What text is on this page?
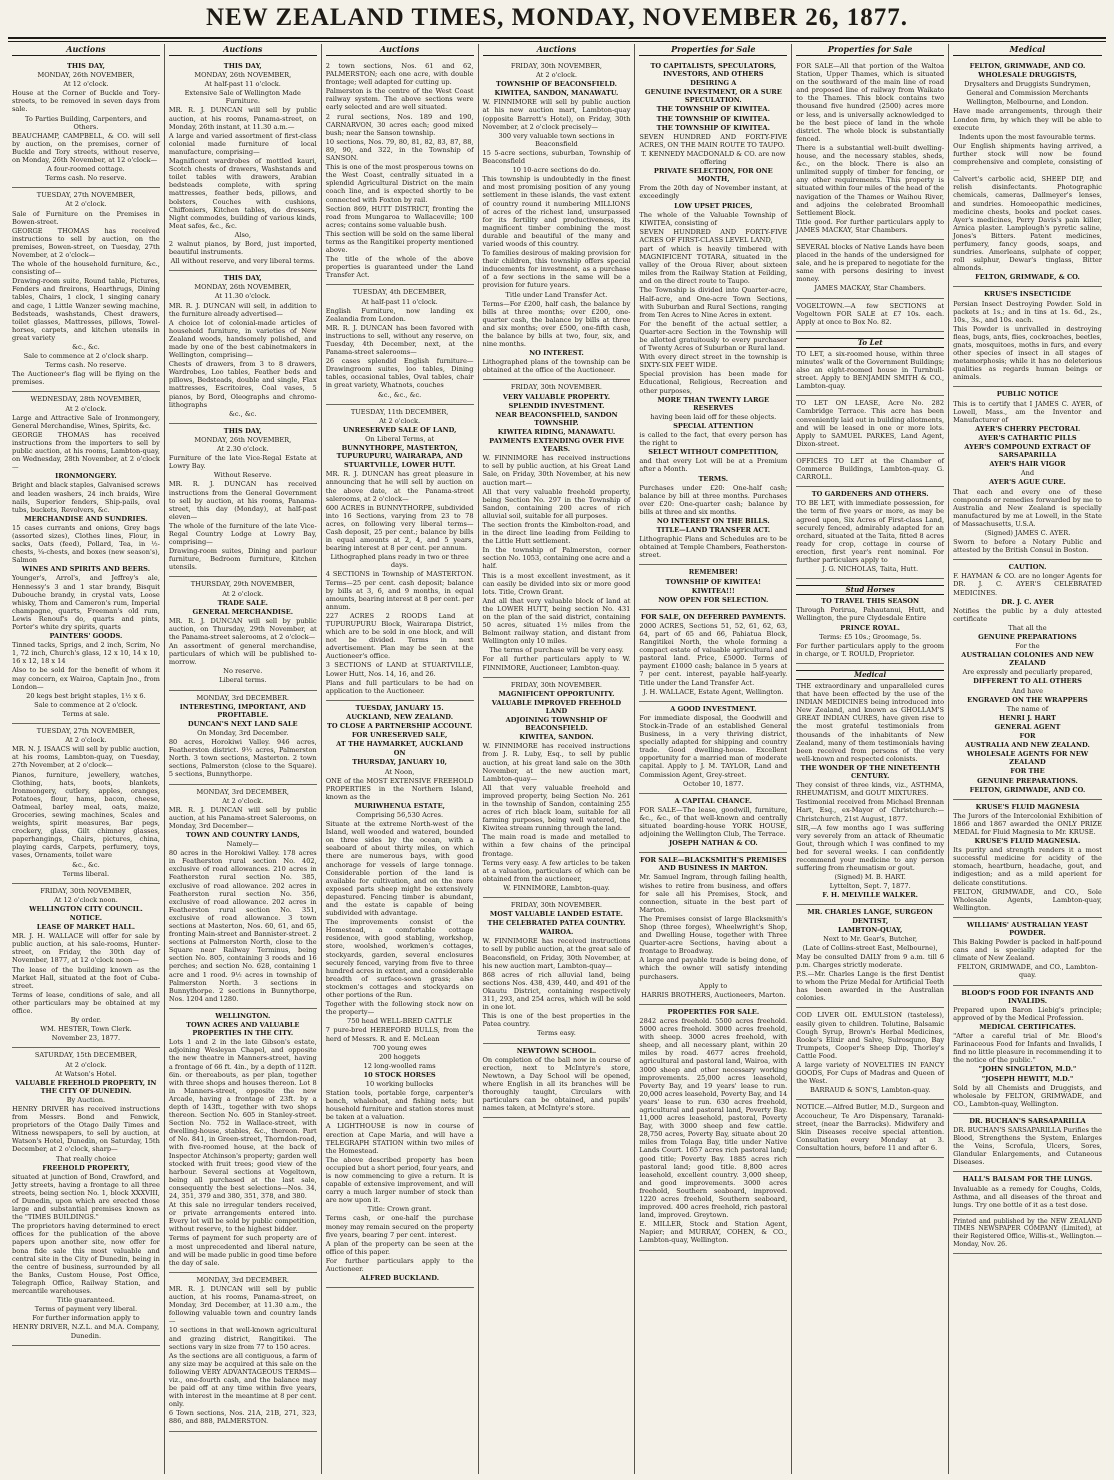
NEW ZEALAND TIMES, MONDAY, NOVEMBER 26, 1877.
Auctions

THIS DAY,

MONDAY, 26th NOVEMBER,

At 12 o'clock.

House at the Corner of Buckle and Tory-streets, to be removed in seven days from sale.

To Parties Building, Carpenters, and Others.

BEAUCHAMP, CAMPBELL, & CO. will sell by auction, on the premises, corner of Buckle and Tory streets, without reserve, on Monday, 26th November, at 12 o'clock—

A four-roomed cottage.

Terms cash. No reserve.

TUESDAY, 27th NOVEMBER,

At 2 o'clock.

Sale of Furniture on the Premises in Bowen-street.

GEORGE THOMAS has received instructions to sell by auction, on the premises, Bowen-street, on Tuesday, 27th November, at 2 o'clock—

The whole of the household furniture, &c., consisting of—

Drawing-room suite, Round table, Pictures, Fenders and fireirons, Hearthrugs, Dining tables, Chairs, 1 clock, 1 singing canary and cage, 1 Little Wanzer sewing machine, Bedsteads, washstands, Chest drawers, toilet glasses, Mattresses, pillows, Towel-horses, carpets, and kitchen utensils in great variety

&c., &c.

Sale to commence at 2 o'clock sharp.

Terms cash. No reserve.

The Auctioneer's flag will be flying on the premises.

WEDNESDAY, 28th NOVEMBER,

At 2 o'clock.

Large and Attractive Sale of Ironmongery, General Merchandise, Wines, Spirits, &c.

GEORGE THOMAS has received instructions from the importers to sell by public auction, at his rooms, Lambton-quay, on Wednesday, 28th November, at 2 o'clock—

IRONMONGERY.

Bright and black staples, Galvanised screws and leaden washers, 24 inch braids, Wire nails, Superior fenders, Ship-pails, oval tubs, buckets, Revolvers, &c.

MERCHANDISE AND SUNDRIES.

15 cases currants and onions, Grey bags (assorted sizes), Clothes lines, Flour, in sacks, Oats (feed), Pollard, Tea, in ½-chests, ¼-chests, and boxes (new season's), Salmon

WINES AND SPIRITS AND BEERS.

Younger's, Arrol's, and Jeffrey's ale, Hennessy's 3 and 1 star brandy, Bisquit Dubouche brandy, in crystal vats, Loose whisky, Thom and Cameron's rum, Imperial champagne, quarts, Freeman's old rum, Lewis Renouf's do, quarts and pints, Porter's white dry spirits, quarts

PAINTERS' GOODS.

Tinned tacks, Sprigs, and 2 inch, Scrim, No 1, 72 inch, Church's glass, 12 x 10, 14 x 10, 16 x 12, 18 x 14

Also to be sold for the benefit of whom it may concern, ex Wairoa, Captain Jno., from London—

20 kegs best bright staples, 1½ x 6.

Sale to commence at 2 o'clock.

Terms at sale.

TUESDAY, 27th NOVEMBER,

At 2 o'clock.

MR. N. J. ISAACS will sell by public auction, at his rooms, Lambton-quay, on Tuesday, 27th November, at 2 o'clock—

Pianos, furniture, jewellery, watches, Clothing, hats, boots, blankets, Ironmongery, cutlery, apples, oranges, Potatoes, flour, hams, bacon, cheese, Oatmeal, barley meal, oats, maize, Groceries, sewing machines, Scales and weights, spirit measures, Bar pegs, crockery, glass, Gilt chimney glasses, paperhangings, Chairs, pictures, china, playing cards, Carpets, perfumery, toys, vases, Ornaments, toilet ware

&c., &c.

Terms liberal.

FRIDAY, 30th NOVEMBER,

At 12 o'clock noon.

WELLINGTON CITY COUNCIL.

NOTICE.

LEASE OF MARKET HALL.

MR. J. H. WALLACE will offer for sale by public auction, at his sale-rooms, Hunter-street, on Friday, the 30th day of November, 1877, at 12 o'clock noon—

The lease of the building known as the Market Hall, situated at the foot of Cuba-street.

Terms of lease, conditions of sale, and all other particulars may be obtained at my office.

By order.

WM. HESTER, Town Clerk.

November 23, 1877.

SATURDAY, 15th DECEMBER,

At 2 o'clock.

At Watson's Hotel.

VALUABLE FREEHOLD PROPERTY, IN THE CITY OF DUNEDIN.

By Auction.

HENRY DRIVER has received instructions from Messrs. Bond and Fenwick, proprietors of the Otago Daily Times and Witness newspapers, to sell by auction, at Watson's Hotel, Dunedin, on Saturday, 15th December, at 2 o'clock, sharp—

That really choice

FREEHOLD PROPERTY,

situated at junction of Bond, Crawford, and Jetty streets, having a frontage to all three streets, being section No. 1, block XXXVIII, of Dunedin, upon which are erected those large and substantial premises known as the "TIMES BUILDINGS."

The proprietors having determined to erect offices for the publication of the above papers upon another site, now offer for bona fide sale this most valuable and central site in the City of Dunedin, being in the centre of business, surrounded by all the Banks, Custom House, Post Office, Telegraph Office, Railway Station, and mercantile warehouses.

Title guaranteed.

Terms of payment very liberal.

For further information apply to

HENRY DRIVER, N.Z.L. and M.A. Company, Dunedin.

Auctions

THIS DAY,

MONDAY, 26th NOVEMBER,

At half-past 11 o'clock.

Extensive Sale of Wellington Made Furniture.

MR. R. J. DUNCAN will sell by public auction, at his rooms, Panama-street, on Monday, 26th instant, at 11.30 a.m.—

A large and varied assortment of first-class colonial made furniture of local manufacture, comprising—

Magnificent wardrobes of mottled kauri, Scotch chests of drawers, Washstands and toilet tables with drawers, Arabian bedsteads complete, with spring mattresses, feather beds, pillows, and bolsters, Couches with cushions, Chiffoniers, Kitchen tables, do dressers, Night commodes, building of various kinds, Meat safes, &c., &c.

Also,

2 walnut pianos, by Bord, just imported, beautiful instruments.

All without reserve, and very liberal terms.

THIS DAY,

MONDAY, 26th NOVEMBER,

At 11.30 o'clock.

MR. R. J. DUNCAN will sell, in addition to the furniture already advertised—

A choice lot of colonial-made articles of household furniture, in varieties of New Zealand woods, handsomely polished, and made by one of the best cabinetmakers in Wellington, comprising—

Chests of drawers, from 3 to 8 drawers, Wardrobes, Loo tables, Feather beds and pillows, Bedsteads, double and single, Flax mattresses, Escritoires, Coal vases, 5 pianos, by Bord, Oleographs and chromo-lithographs

&c., &c.

THIS DAY,

MONDAY, 26th NOVEMBER,

At 2.30 o'clock.

Furniture of the late Vice-Regal Estate at Lowry Bay.

Without Reserve.

MR. R. J. DUNCAN has received instructions from the General Government to sell by auction, at his rooms, Panama-street, this day (Monday), at half-past eleven—

The whole of the furniture of the late Vice-Regal Country Lodge at Lowry Bay, comprising—

Drawing-room suites, Dining and parlour furniture, Bedroom furniture, Kitchen utensils.

THURSDAY, 29th NOVEMBER,

At 2 o'clock.

TRADE SALE.

GENERAL MERCHANDISE.

MR. R. J. DUNCAN will sell by public auction, on Thursday, 29th November, at the Panama-street salerooms, at 2 o'clock—

An assortment of general merchandise, particulars of which will be published to-morrow.

No reserve.

Liberal terms.

MONDAY, 3rd DECEMBER.

INTERESTING, IMPORTANT, AND PROFITABLE.

DUNCAN'S NEXT LAND SALE

On Monday, 3rd December.

80 acres, Horokiwi Valley. 946 acres, Featherston district. 9½ acres, Palmerston North. 3 town sections, Masterton. 2 town sections, Palmerston (close to the Square). 5 sections, Bunnythorpe.

MONDAY, 3rd DECEMBER,

At 2 o'clock.

MR. R. J. DUNCAN will sell by public auction, at his Panama-street Salerooms, on Monday, 3rd December—

TOWN AND COUNTRY LANDS,

Namely—

80 acres in the Horokiwi Valley. 178 acres in Featherston rural section No. 402, exclusive of road allowances. 210 acres in Featherston rural section No. 385, exclusive of road allowance. 202 acres in Featherston rural section No. 356, exclusive of road allowance. 202 acres in Featherston rural section No. 351, exclusive of road allowance. 3 town sections at Masterton, Nos. 60, 61, and 65, fronting Main-street and Bannister-street. 2 sections at Palmerston North, close to the Square near Railway Terminus, being section No. 805, containing 3 roods and 16 perches; and section No. 628, containing 1 acre and 1 rood. 9½ acres in township of Palmerston North. 3 sections in Bunnythorpe. 2 sections in Bunnythorpe, Nos. 1204 and 1280.

WELLINGTON.

TOWN ACRES AND VALUABLE PROPERTIES IN THE CITY.

Lots 1 and 2 in the late Gibson's estate, adjoining Wesleyan Chapel, and opposite the new theatre in Manners-street, having a frontage of 66 ft. 4in., by a depth of 112ft. 6in. or thereabouts, as per plan, together with three shops and houses thereon. Lot 8 in Manners-street, opposite the new Arcade, having a frontage of 23ft. by a depth of 143ft., together with two shops thereon. Section No. 605 in Stanley-street. Section No. 752 in Wallace-street, with dwelling-house, stables, &c., thereon. Part of No. 841, in Green-street, Thorndon-road, with five-roomed house, at the back of Inspector Atchinson's property; garden well stocked with fruit trees; good view of the harbour. Several sections at Vogeltown, being all purchased at the last sale, consequently the best selections—Nos. 34, 24, 351, 379 and 380, 351, 378, and 380.

At this sale no irregular tenders received, or private arrangements entered into. Every lot will be sold by public competition, without reserve, to the highest bidder.

Terms of payment for such property are of a most unprecedented and liberal nature, and will be made public in good time before the day of sale.

MONDAY, 3rd DECEMBER.

MR. R. J. DUNCAN will sell by public auction, at his rooms, Panama-street, on Monday, 3rd December, at 11.30 a.m., the following valuable town and country lands—

10 sections in that well-known agricultural and grazing district, Rangitikei. The sections vary in size from 77 to 150 acres.

As the sections are all contiguous, a farm of any size may be acquired at this sale on the following VERY ADVANTAGEOUS TERMS—viz., one-fourth cash, and the balance may be paid off at any time within five years, with interest in the meantime at 8 per cent. only.

6 Town sections, Nos. 21A, 21B, 271, 323, 886, and 888, PALMERSTON.

Auctions

2 town sections, Nos. 61 and 62, PALMERSTON; each one acre, with double frontage; well adapted for cutting up.

Palmerston is the centre of the West Coast railway system. The above sections were early selected and are well situated.

2 rural sections, Nos. 189 and 190, CARNARVON, 30 acres each; good mixed bush; near the Sanson township.

10 sections, Nos. 79, 80, 81, 82, 83, 87, 88, 89, 90, and 322, in the Township of SANSON.

This is one of the most prosperous towns on the West Coast, centrally situated in a splendid Agricultural District on the main coach line, and is expected shortly to be connected with Foxton by rail.

Section 869, HUTT DISTRICT, fronting the road from Mungaroa to Wallaceville; 100 acres; contains some valuable bush.

This section will be sold on the same liberal terms as the Rangitikei property mentioned above.

The title of the whole of the above properties is guaranteed under the Land Transfer Act.

TUESDAY, 4th DECEMBER,

At half-past 11 o'clock.

English Furniture, now landing ex Zealandia from London.

MR. R. J. DUNCAN has been favored with instructions to sell, without any reserve, on Tuesday, 4th December, next, at the Panama-street salerooms—

26 cases splendid English furniture— Drawingroom suites, loo tables, Dining tables, occasional tables, Oval tables, chair in great variety, Whatnots, couches

&c., &c., &c.

TUESDAY, 11th DECEMBER,

At 2 o'clock.

UNRESERVED SALE OF LAND,

On Liberal Terms, at

BUNNYTHORPE, MASTERTON, TUPURUPURU, WAIRARAPA, AND

STUARTVILLE, LOWER HUTT.

MR. R. J. DUNCAN has great pleasure in announcing that he will sell by auction on the above date, at the Panama-street salerooms, at 2 o'clock—

600 ACRES in BUNNYTHORPE, subdivided into 16 Sections, varying from 23 to 78 acres, on following very liberal terms—Cash deposit, 25 per cent.; balance by bills in equal amounts at 2, 4, and 5 years, bearing interest at 8 per cent. per annum.

Lithographed plans ready in two or three days.

4 SECTIONS in Township of MASTERTON. Terms—25 per cent. cash deposit; balance by bills at 3, 6, and 9 months, in equal amounts, bearing interest at 8 per cent. per annum.

227 ACRES 2 ROODS Land at TUPURUPURU Block, Wairarapa District, which are to be sold in one block, and will not be divided. Terms in next advertisement. Plan may be seen at the Auctioneer's office.

3 SECTIONS of LAND at STUARTVILLE, Lower Hutt, Nos. 14, 16, and 26.

Plans and full particulars to be had on application to the Auctioneer.

TUESDAY, JANUARY 15.

AUCKLAND, NEW ZEALAND.

TO CLOSE A PARTNERSHIP ACCOUNT.

FOR UNRESERVED SALE,

AT THE HAYMARKET, AUCKLAND

ON

THURSDAY, JANUARY 10,

At Noon,

ONE of the MOST EXTENSIVE FREEHOLD PROPERTIES in the Northern Island, known as the

MURIWHENUA ESTATE,

Comprising 56,530 Acres.

Situate at the extreme North-west of the Island, well wooded and watered, bounded on three sides by the ocean, with a seaboard of about thirty miles, on which there are numerous bays, with good anchorage for vessels of large tonnage. Considerable portion of the land is available for cultivation, and on the more exposed parts sheep might be extensively depastured. Fencing timber is abundant, and the estate is capable of being subdivided with advantage.

The improvements consist of the Homestead, a comfortable cottage residence, with good stabling, workshop, store, woolshed, workmen's cottages, stockyards, garden, several enclosures securely fenced, varying from five to three hundred acres in extent, and a considerable breadth of surface-sown grass; also stockmen's cottages and stockyards on other portions of the Run.

Together with the following stock now on the property—

750 head WELL-BRED CATTLE

7 pure-bred HEREFORD BULLS, from the herd of Messrs. R. and E. McLean

700 young ewes

200 hoggets

12 long-woolled rams

10 STOCK HORSES

10 working bullocks

Station tools, portable forge, carpenter's bench, whaleboat, and fishing nets; but household furniture and station stores must be taken at a valuation.

A LIGHTHOUSE is now in course of erection at Cape Maria, and will have a TELEGRAPH STATION within two miles of the Homestead.

The above described property has been occupied but a short period, four years, and is now commencing to give a return. It is capable of extensive improvement, and will carry a much larger number of stock than are now upon it.

Title: Crown grant.

Terms cash, or one-half the purchase money may remain secured on the property five years, bearing 7 per cent. interest.

A plan of the property can be seen at the office of this paper.

For further particulars apply to the Auctioneer.

ALFRED BUCKLAND.

Auctions

FRIDAY, 30th NOVEMBER,

At 2 o'clock.

TOWNSHIP OF BEACONSFIELD.

KIWITEA, SANDON, MANAWATU.

W. FINNIMORE will sell by public auction at his new auction mart, Lambton-quay (opposite Barrett's Hotel), on Friday, 30th November, at 2 o'clock precisely—

300 very valuable town sections in Beaconsfield

15 5-acre sections, suburban, Township of Beaconsfield

10 10-acre sections do do.

This township is undoubtedly in the finest and most promising position of any young settlement in these islands, the vast extent of country round it numbering MILLIONS of acres of the richest land, unsurpassed for its fertility and productiveness, its magnificent timber combining the most durable and beautiful of the many and varied woods of this country.

To families desirous of making provision for their children, this township offers special inducements for investment, as a purchase of a few sections in the same will be a provision for future years.

Title under Land Transfer Act.

Terms—For £200, half cash, the balance by bills at three months; over £200, one-quarter cash, the balance by bills at three and six months; over £500, one-fifth cash, the balance by bills at two, four, six, and nine months.

NO INTEREST.

Lithographed plans of the township can be obtained at the office of the Auctioneer.

FRIDAY, 30th NOVEMBER.

VERY VALUABLE PROPERTY.

SPLENDID INVESTMENT.

NEAR BEACONSFIELD, SANDON TOWNSHIP.

KIWITEA RIDING, MANAWATU.

PAYMENTS EXTENDING OVER FIVE YEARS.

W. FINNIMORE has received instructions to sell by public auction, at his Great Land Sale, on Friday, 30th November, at his new auction mart—

All that very valuable freehold property, being Section No. 297 in the Township of Sandon, containing 200 acres of rich alluvial soil, suitable for all purposes.

The section fronts the Kimbolton-road, and in the direct line leading from Feilding to the Little Hutt settlement.

In the township of Palmerston, corner section No. 1053, containing one acre and a half.

This is a most excellent investment, as it can easily be divided into six or more good lots. Title, Crown Grant.

And all that very valuable block of land at the LOWER HUTT, being section No. 431 on the plan of the said district, containing 50 acres, situated 1½ miles from the Belmont railway station, and distant from Wellington only 10 miles.

The terms of purchase will be very easy.

For all further particulars apply to W. FINNIMORE, Auctioneer, Lambton-quay.

FRIDAY, 30th NOVEMBER.

MAGNIFICENT OPPORTUNITY.

VALUABLE IMPROVED FREEHOLD LAND

ADJOINING TOWNSHIP OF BEACONSFIELD.

KIWITEA, SANDON.

W. FINNIMORE has received instructions from J. R. Luby, Esq., to sell by public auction, at his great land sale on the 30th November, at the new auction mart, Lambton-quay—

All that very valuable freehold and improved property, being Section No. 261 in the township of Sandon, containing 255 acres of rich black loam, suitable for all farming purposes, being well watered, the Kiwitea stream running through the land.

The main road is made and metalled to within a few chains of the principal frontage.

Terms very easy. A few articles to be taken at a valuation, particulars of which can be obtained from the auctioneer,

W. FINNIMORE, Lambton-quay.

FRIDAY, 30th NOVEMBER.

MOST VALUABLE LANDED ESTATE.

THE CELEBRATED PATEA COUNTRY.

WAIROA.

W. FINNIMORE has received instructions to sell by public auction, at the great sale of Beaconsfield, on Friday, 30th November, at his new auction mart, Lambton-quay—

868 acres of rich alluvial land, being sections Nos. 438, 439, 440, and 491 of the Okautu District, containing respectively 311, 293, and 254 acres, which will be sold in one lot.

This is one of the best properties in the Patea country.

Terms easy.

NEWTOWN SCHOOL.

On completion of the ball now in course of erection, next to McIntyre's store, Newtown, a Day School will be opened, where English in all its branches will be thoroughly taught, Circulars with particulars can be obtained, and pupils' names taken, at McIntyre's store.

Properties for Sale

TO CAPITALISTS, SPECULATORS, INVESTORS, AND OTHERS

DESIRING A

GENUINE INVESTMENT, OR A SURE SPECULATION.

THE TOWNSHIP OF KIWITEA.

THE TOWNSHIP OF KIWITEA.

THE TOWNSHIP OF KIWITEA.

SEVEN HUNDRED AND FORTY-FIVE ACRES, ON THE MAIN ROUTE TO TAUPO.

T. KENNEDY MACDONALD & CO. are now offering

PRIVATE SELECTION, FOR ONE MONTH,

From the 20th day of November instant, at exceedingly

LOW UPSET PRICES,

The whole of the Valuable Township of KIWITEA, consisting of

SEVEN HUNDRED AND FORTY-FIVE ACRES OF FIRST-CLASS LEVEL LAND,

part of which is heavily timbered with MAGNIFICENT TOTARA, situated in the valley of the Oroua River, about sixteen miles from the Railway Station at Feilding, and on the direct route to Taupo.

The Township is divided into Quarter-acre, Half-acre, and One-acre Town Sections, with Suburban and Rural Sections, ranging from Ten Acres to Nine Acres in extent.

For the benefit of the actual settler, a Quarter-acre Section in the Township will be allotted gratuitously to every purchaser of Twenty Acres of Suburban or Rural land.

With every direct street in the township is SIXTY-SIX FEET WIDE.

Special provision has been made for Educational, Religious, Recreation and other purposes,

MORE THAN TWENTY LARGE RESERVES

having been laid off for these objects.

SPECIAL ATTENTION

is called to the fact, that every person has the right to

SELECT WITHOUT COMPETITION,

and that every Lot will be at a Premium after a Month.

TERMS.

Purchases under £20: One-half cash; balance by bill at three months. Purchases over £20: One-quarter cash; balance by bills at three and six months.

NO INTEREST ON THE BILLS.

TITLE—LAND TRANSFER ACT.

Lithographic Plans and Schedules are to be obtained at Temple Chambers, Featherston-street.

REMEMBER!

TOWNSHIP OF KIWITEA!

KIWITEA!!!

NOW OPEN FOR SELECTION.

FOR SALE, ON DEFERRED PAYMENTS.

2000 ACRES, Sections 51, 52, 61, 62, 63, 64, part of 65 and 66, Pahiatua Block, Rangitikei North, the whole forming a compact estate of valuable agricultural and pastoral land. Price, £5000. Terms of payment £1000 cash; balance in 5 years at 7 per cent. interest, payable half-yearly. Title under the Land Transfer Act.

J. H. WALLACE, Estate Agent, Wellington.

A GOOD INVESTMENT.

For immediate disposal, the Goodwill and Stock-in-Trade of an established General Business, in a very thriving district, specially adapted for shipping and country trade. Good dwelling-house. Excellent opportunity for a married man of moderate capital. Apply to J. M. TAYLOR, Land and Commission Agent, Grey-street.

October 10, 1877.

A CAPITAL CHANCE.

FOR SALE—The lease, goodwill, furniture, &c., &c., of that well-known and centrally situated boarding-house YORK HOUSE, adjoining the Wellington Club, The Terrace.

JOSEPH NATHAN & CO.

FOR SALE—BLACKSMITH'S PREMISES AND BUSINESS IN MARTON.

Mr. Samuel Ingram, through failing health, wishes to retire from business, and offers for sale all his Premises, Stock, and connection, situate in the best part of Marton.

The Premises consist of large Blacksmith's Shop (three forges), Wheelwright's Shop, and Dwelling House, together with Three Quarter-acre Sections, having about a frontage to Broadway.

A large and payable trade is being done, of which the owner will satisfy intending purchasers.

Apply to

HARRIS BROTHERS, Auctioneers, Marton.

PROPERTIES FOR SALE.

2842 acres freehold. 5500 acres freehold. 5000 acres freehold. 3000 acres freehold, with sheep. 3000 acres freehold, with sheep, and all necessary plant, within 20 miles by road. 4677 acres freehold, agricultural and pastoral land, Wairoa, with 3000 sheep and other necessary working improvements. 25,000 acres leasehold, Poverty Bay, and 19 years' lease to run. 20,000 acres leasehold, Poverty Bay, and 14 years' lease to run. 630 acres freehold, agricultural and pastoral land, Poverty Bay. 11,000 acres leasehold, pastoral, Poverty Bay, with 3000 sheep and few cattle. 28,750 acres, Poverty Bay, situate about 20 miles from Tolaga Bay, title under Native Lands Court. 1657 acres rich pastoral land; good title; Poverty Bay. 1885 acres rich pastoral land; good title. 8,800 acres leasehold, excellent country. 3,000 sheep, and good improvements. 3000 acres freehold, Southern seaboard, improved. 1220 acres freehold, Southern seaboard, improved. 400 acres freehold, rich pastoral land, improved. Greytown.

E. MILLER, Stock and Station Agent, Napier; and MURRAY, COHEN, & CO., Lambton-quay, Wellington.

Properties for Sale

FOR SALE—All that portion of the Waltoa Station, Upper Thames, which is situated on the southward of the main line of road and proposed line of railway from Waikato to the Thames. This block contains two thousand five hundred (2500) acres more or less, and is universally acknowledged to be the best piece of land in the whole district. The whole block is substantially fenced.

There is a substantial well-built dwelling-house, and the necessary stables, sheds, &c., on the block. There is also an unlimited supply of timber for fencing, or any other requirements. This property is situated within four miles of the head of the navigation of the Thames or Waihou River, and adjoins the celebrated Broomhall Settlement Block.

Title good. For further particulars apply to JAMES MACKAY, Star Chambers.

SEVERAL blocks of Native Lands have been placed in the hands of the undersigned for sale, and he is prepared to negotiate for the same with persons desiring to invest money.

JAMES MACKAY, Star Chambers.

VOGELTOWN.—A few SECTIONS at Vogeltown FOR SALE at £7 10s. each. Apply at once to Box No. 82.

To Let

TO LET, a six-roomed house, within three minutes' walk of the Government Buildings; also an eight-roomed house in Turnbull-street. Apply to BENJAMIN SMITH & CO., Lambton-quay.

TO LET ON LEASE, Acre No. 282 Cambridge Terrace. This acre has been conveniently laid out in building allotments, and will be leased in one or more lots. Apply to SAMUEL PARKES, Land Agent, Dixon-street.

OFFICES TO LET at the Chamber of Commerce Buildings, Lambton-quay. G. CARROLL.

TO GARDENERS AND OTHERS.

TO BE LET, with immediate possession, for the term of five years or more, as may be agreed upon, Six Acres of First-class Land, securely fenced, admirably adapted for an orchard, situated at the Taita, fitted 8 acres ready for crop, cottage in course of erection, first year's rent nominal. For further particulars apply to

J. G. NICHOLAS, Taita, Hutt.

Stud Horses

TO TRAVEL THIS SEASON

Through Porirua, Pahautanui, Hutt, and Wellington, the pure Clydesdale Entire

PRINCE ROYAL.

Terms: £5 10s.; Groomage, 5s.

For further particulars apply to the groom in charge, or T. ROULD, Proprietor.

Medical

THE extraordinary and unparalleled cures that have been effected by the use of the INDIAN MEDICINES being introduced into New Zealand, and known as GHOLLAM'S GREAT INDIAN CURES, have given rise to the most grateful testimonials from thousands of the inhabitants of New Zealand, many of them testimonials having been received from persons of the very well-known and respected colonists.

THE WONDER OF THE NINETEENTH CENTURY.

They consist of three kinds, viz., ASTHMA, RHEUMATISM, and GOUT MIXTURES.

Testimonial received from Michael Brennan Hart, Esq., ex-Mayor of Christchurch:— Christchurch, 21st August, 1877.

SIR,—A few months ago I was suffering very severely from an attack of Rheumatic Gout, through which I was confined to my bed for several weeks. I can confidently recommend your medicine to any person suffering from rheumatism or gout.

(Signed) M. B. HART.

Lyttelton, Sept. 7, 1877.

F. H. MELVILLE WALKER.

MR. CHARLES LANGE, SURGEON DENTIST,

LAMBTON-QUAY,

Next to Mr. Gear's, Butcher,

(Late of Collins-street East, Melbourne),

May be consulted DAILY from 9 a.m. till 6 p.m. Charges strictly moderate.

P.S.—Mr. Charles Lange is the first Dentist to whom the Prize Medal for Artificial Teeth has been awarded in the Australian colonies.

COD LIVER OIL EMULSION (tasteless), easily given to children. Tolutine, Balsamic Cough Syrup, Brown's Herbal Medicines, Rooke's Elixir and Salve, Sulrosquno, Bay Trumpets, Cooper's Sheep Dip, Thorley's Cattle Food.

A large variety of NOVELTIES IN FANCY GOODS, For Cups of Madras and Queen of the West.

BARRAUD & SON'S, Lambton-quay.

NOTICE.—Alfred Butler, M.D., Surgeon and Accoucheur, Te Aro Dispensary, Taranaki-street, (near the Barracks). Midwifery and Skin Diseases receive special attention. Consultation every Monday at 3. Consultation hours, before 11 and after 6.

Medical

FELTON, GRIMWADE, AND CO.

WHOLESALE DRUGGISTS,

Drysalters and Druggists Sundrymen,

General and Commission Merchants

Wellington, Melbourne, and London.

Have made arrangements, through their London firm, by which they will be able to execute

Indents upon the most favourable terms.

Our English shipments having arrived, a further stock will now be found comprehensive and complete, consisting of—

Calvert's carbolic acid, SHEEP DIP, and relish disinfectants. Photographic chemicals, cameras, Dallmeyer's lenses, and sundries. Homoeopathic medicines, medicine chests, books and pocket cases. Ayer's medicines, Perry Davis's pain killer, Arnica plaster. Lamplough's pyretic saline, Jones's Bitters. Patent medicines, perfumery, fancy goods, soaps, and sundries. Amerleans, sulphate of copper, roll sulphur, Dewar's tinglass, Bitter almonds.

FELTON, GRIMWADE, & CO.

KRUSE'S INSECTICIDE

Persian Insect Destroying Powder. Sold in packets at 1s.; and in tins at 1s. 6d., 2s., 10s., 3s., and 10s. each.

This Powder is unrivalled in destroying fleas, bugs, ants, flies, cockroaches, beetles, gnats, mosquitoes, moths in furs, and every other species of insect in all stages of metamorphosis; while it has no deleterious qualities as regards human beings or animals.

PUBLIC NOTICE

This is to certify that I JAMES C. AYER, of Lowell, Mass., am the Inventor and Manufacturer of

AYER'S CHERRY PECTORAL

AYER'S CATHARTIC PILLS

AYER'S COMPOUND EXTRACT OF SARSAPARILLA

AYER'S HAIR VIGOR

And

AYER'S AGUE CURE.

That each and every one of these compounds or remedies forwarded by me to Australia and New Zealand is specially manufactured by me at Lowell, in the State of Massachusetts, U.S.A.

(Signed) JAMES C. AYER.

Sworn to before a Notary Public and attested by the British Consul in Boston.

CAUTION.

F. HAYMAN & CO. are no longer Agents for DR. J. C. AYER'S CELEBRATED MEDICINES.

DR. J. C. AYER

Notifies the public by a duly attested certificate

That all the

GENUINE PREPARATIONS

For the

AUSTRALIAN COLONIES AND NEW ZEALAND

Are expressly and peculiarly prepared,

DIFFERENT TO ALL OTHERS

And have

ENGRAVED ON THE WRAPPERS

The name of

HENRI J. HART

GENERAL AGENT

FOR

AUSTRALIA AND NEW ZEALAND.

WHOLESALE AGENTS FOR NEW ZEALAND

FOR THE

GENUINE PREPARATIONS.

FELTON, GRIMWADE, AND CO.

KRUSE'S FLUID MAGNESIA

The Jurors of the Intercolonial Exhibition of 1866 and 1867 awarded the ONLY PRIZE MEDAL for Fluid Magnesia to Mr. KRUSE.

KRUSE'S FLUID MAGNESIA.

Its purity and strength renders it a most successful medicine for acidity of the stomach, heartburn, headache, gout, and indigestion; and as a mild aperient for delicate constitutions.

FELTON, GRIMWADE, and CO., Sole Wholesale Agents, Lambton-quay, Wellington.

WILLIAMS' AUSTRALIAN YEAST POWDER.

This Baking Powder is packed in half-pound cans and is specially adapted for the climate of New Zealand.

FELTON, GRIMWADE, and CO., Lambton-quay.

BLOOD'S FOOD FOR INFANTS AND INVALIDS.

Prepared upon Baron Liebig's principle; approved of by the Medical Profession.

MEDICAL CERTIFICATES.

"After a careful trial of Mr. Blood's Farinaceous Food for Infants and Invalids, I find no little pleasure in recommending it to the notice of the public."

"JOHN SINGLETON, M.D."

"JOSEPH HEWITT, M.D."

Sold by all Chemists and Druggists, and wholesale by FELTON, GRIMWADE, and CO., Lambton-quay, Wellington.

DR. BUCHAN'S SARSAPARILLA

DR. BUCHAN'S SARSAPARILLA Purifies the Blood, Strengthens the System, Enlarges the Veins, Scrofula, Ulcers, Sores, Glandular Enlargements, and Cutaneous Diseases.

HALL'S BALSAM FOR THE LUNGS.

Invaluable as a remedy for Coughs, Colds, Asthma, and all diseases of the throat and lungs. Try one bottle of it as a test dose.

Printed and published by the NEW ZEALAND TIMES NEWSPAPER COMPANY (Limited), at their Registered Office, Willis-st., Wellington.—Monday, Nov. 26.
